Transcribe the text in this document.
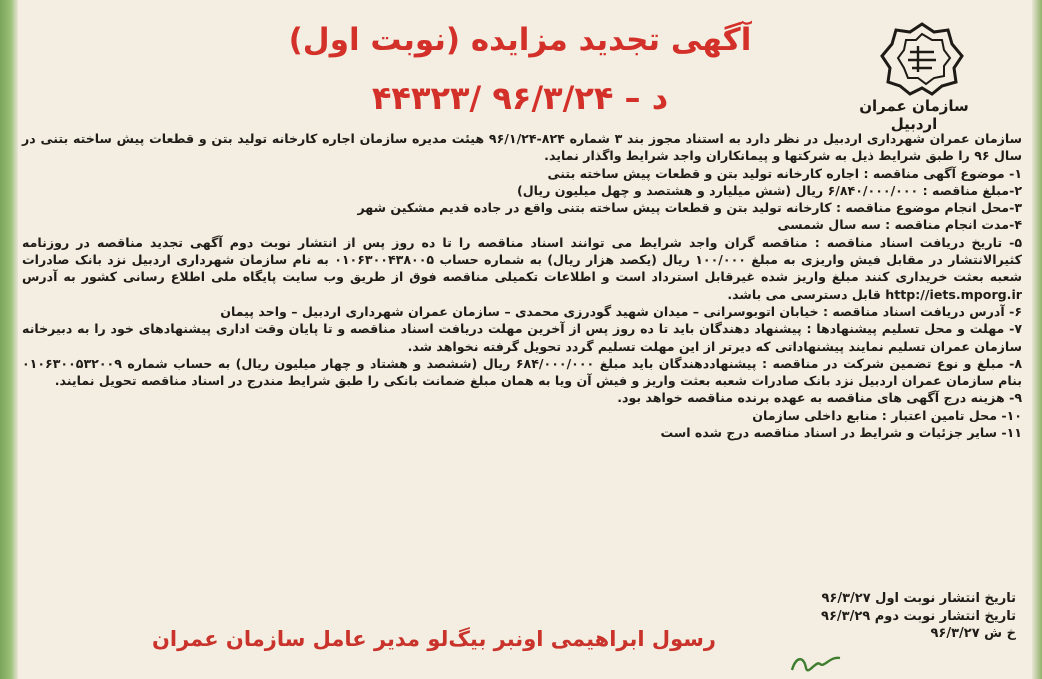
سازمان عمران اردبیل
آگهی تجدید مزایده (نوبت اول)
۴۴۳۲۳/ د – ۹۶/۳/۲۴

سازمان عمران شهرداری اردبیل در نظر دارد به استناد مجوز بند ۳ شماره ۸۲۴-۹۶/۱/۲۴ هیئت مدیره سازمان اجاره کارخانه تولید بتن و قطعات پیش ساخته بتنی در سال ۹۶ را طبق شرایط ذیل به شرکتها و پیمانکاران واجد شرایط واگذار نماید.

۱- موضوع آگهی مناقصه : اجاره کارخانه تولید بتن و قطعات پیش ساخته بتنی

۲-مبلغ مناقصه : ۶/۸۴۰/۰۰۰/۰۰۰ ریال (شش میلیارد و هشتصد و چهل میلیون ریال)

۳-محل انجام موضوع مناقصه : کارخانه تولید بتن و قطعات پیش ساخته بتنی واقع در جاده قدیم مشکین شهر

۴-مدت انجام مناقصه : سه سال شمسی

۵- تاریخ دریافت اسناد مناقصه : مناقصه گران واجد شرایط می توانند اسناد مناقصه را تا ده روز پس از انتشار نوبت دوم آگهی تجدید مناقصه در روزنامه کثیرالانتشار در مقابل فیش واریزی به مبلغ ۱۰۰/۰۰۰ ریال (یکصد هزار ریال) به شماره حساب ۰۱۰۶۳۰۰۴۳۸۰۰۵ به نام سازمان شهرداری اردبیل نزد بانک صادرات شعبه بعثت خریداری کنند مبلغ واریز شده غیرقابل استرداد است و اطلاعات تکمیلی مناقصه فوق از طریق وب سایت پایگاه ملی اطلاع رسانی کشور به آدرس http://iets.mporg.ir قابل دسترسی می باشد.

۶- آدرس دریافت اسناد مناقصه : خیابان اتوبوسرانی – میدان شهید گودرزی محمدی – سازمان عمران شهرداری اردبیل – واحد پیمان

۷- مهلت و محل تسلیم پیشنهادها : پیشنهاد دهندگان باید تا ده روز پس از آخرین مهلت دریافت اسناد مناقصه و تا پایان وقت اداری پیشنهادهای خود را به دبیرخانه سازمان عمران تسلیم نمایند پیشنهاداتی که دیرتر از این مهلت تسلیم گردد تحویل گرفته نخواهد شد.

۸- مبلغ و نوع تضمین شرکت در مناقصه : پیشنهاددهندگان باید مبلغ ۶۸۴/۰۰۰/۰۰۰ ریال (ششصد و هشتاد و چهار میلیون ریال) به حساب شماره ۰۱۰۶۳۰۰۵۳۲۰۰۹ بنام سازمان عمران اردبیل نزد بانک صادرات شعبه بعثت واریز و فیش آن ویا به همان مبلغ ضمانت بانکی را طبق شرایط مندرج در اسناد مناقصه تحویل نمایند.

۹- هزینه درج آگهی های مناقصه به عهده برنده مناقصه خواهد بود.

۱۰- محل تامین اعتبار : منابع داخلی سازمان

۱۱- سایر جزئیات و شرایط در اسناد مناقصه درج شده است

تاریخ انتشار نوبت اول ۹۶/۳/۲۷
تاریخ انتشار نوبت دوم ۹۶/۳/۲۹
خ ش ۹۶/۳/۲۷
رسول ابراهیمی اونبر بیگ‌لو مدیر عامل سازمان عمران
